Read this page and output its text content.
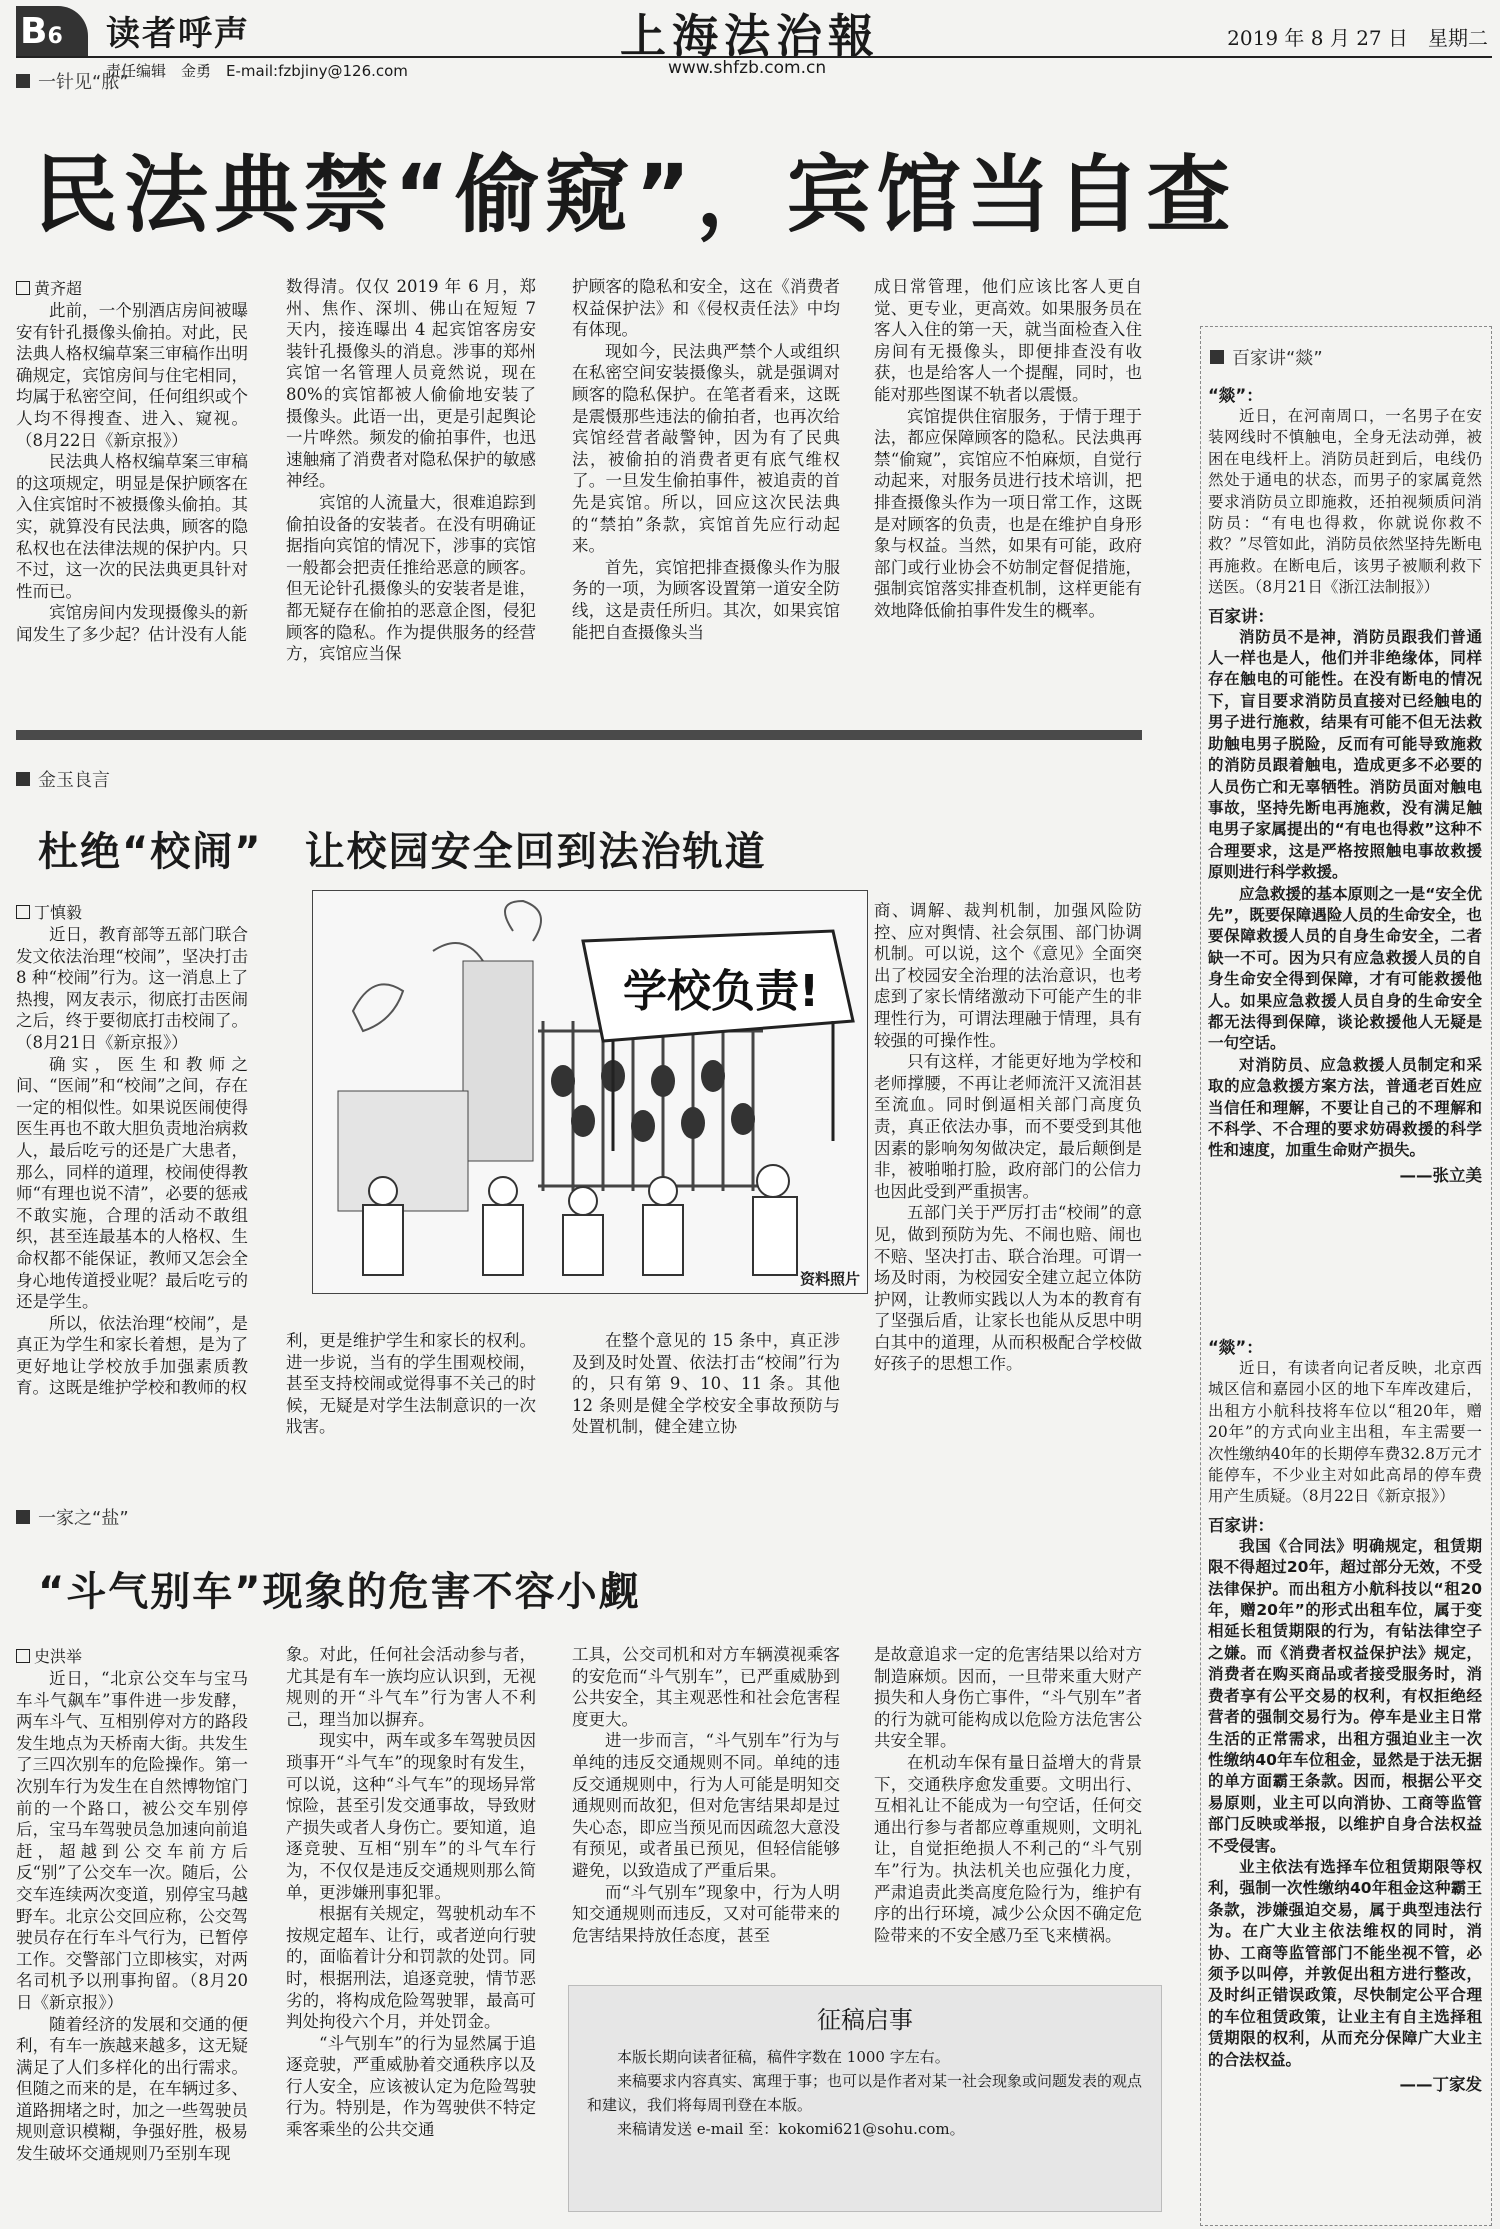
B6	读者呼声
责任编辑　金勇　E-mail:fzbjiny@126.com
上海法治報
www.shfzb.com.cn
2019 年 8 月 27 日　星期二
一针见“脓”
民法典禁“偷窥”，宾馆当自查
黄齐超

此前，一个别酒店房间被曝安有针孔摄像头偷拍。对此，民法典人格权编草案三审稿作出明确规定，宾馆房间与住宅相同，均属于私密空间，任何组织或个人均不得搜查、进入、窥视。（8月22日《新京报》）

民法典人格权编草案三审稿的这项规定，明显是保护顾客在入住宾馆时不被摄像头偷拍。其实，就算没有民法典，顾客的隐私权也在法律法规的保护内。只不过，这一次的民法典更具针对性而已。

宾馆房间内发现摄像头的新闻发生了多少起？估计没有人能

数得清。仅仅 2019 年 6 月，郑州、焦作、深圳、佛山在短短 7 天内，接连曝出 4 起宾馆客房安装针孔摄像头的消息。涉事的郑州宾馆一名管理人员竟然说，现在 80%的宾馆都被人偷偷地安装了摄像头。此语一出，更是引起舆论一片哗然。频发的偷拍事件，也迅速触痛了消费者对隐私保护的敏感神经。

宾馆的人流量大，很难追踪到偷拍设备的安装者。在没有明确证据指向宾馆的情况下，涉事的宾馆一般都会把责任推给恶意的顾客。但无论针孔摄像头的安装者是谁，都无疑存在偷拍的恶意企图，侵犯顾客的隐私。作为提供服务的经营方，宾馆应当保

护顾客的隐私和安全，这在《消费者权益保护法》和《侵权责任法》中均有体现。

现如今，民法典严禁个人或组织在私密空间安装摄像头，就是强调对顾客的隐私保护。在笔者看来，这既是震慑那些违法的偷拍者，也再次给宾馆经营者敲警钟，因为有了民典法，被偷拍的消费者更有底气维权了。一旦发生偷拍事件，被追责的首先是宾馆。所以，回应这次民法典的“禁拍”条款，宾馆首先应行动起来。

首先，宾馆把排查摄像头作为服务的一项，为顾客设置第一道安全防线，这是责任所归。其次，如果宾馆能把自查摄像头当

成日常管理，他们应该比客人更自觉、更专业，更高效。如果服务员在客人入住的第一天，就当面检查入住房间有无摄像头，即便排查没有收获，也是给客人一个提醒，同时，也能对那些图谋不轨者以震慑。

宾馆提供住宿服务，于情于理于法，都应保障顾客的隐私。民法典再禁“偷窥”，宾馆应不怕麻烦，自觉行动起来，对服务员进行技术培训，把排查摄像头作为一项日常工作，这既是对顾客的负责，也是在维护自身形象与权益。当然，如果有可能，政府部门或行业协会不妨制定督促措施，强制宾馆落实排查机制，这样更能有效地降低偷拍事件发生的概率。

金玉良言
杜绝“校闹”　让校园安全回到法治轨道
丁慎毅

近日，教育部等五部门联合发文依法治理“校闹”，坚决打击 8 种“校闹”行为。这一消息上了热搜，网友表示，彻底打击医闹之后，终于要彻底打击校闹了。（8月21日《新京报》）

确实，医生和教师之间、“医闹”和“校闹”之间，存在一定的相似性。如果说医闹使得医生再也不敢大胆负责地治病救人，最后吃亏的还是广大患者，那么，同样的道理，校闹使得教师“有理也说不清”，必要的惩戒不敢实施，合理的活动不敢组织，甚至连最基本的人格权、生命权都不能保证，教师又怎会全身心地传道授业呢？最后吃亏的还是学生。

所以，依法治理“校闹”，是真正为学生和家长着想，是为了更好地让学校放手加强素质教育。这既是维护学校和教师的权

学校负责!
资料照片

利，更是维护学生和家长的权利。进一步说，当有的学生围观校闹，甚至支持校闹或觉得事不关己的时候，无疑是对学生法制意识的一次戕害。

在整个意见的 15 条中，真正涉及到及时处置、依法打击“校闹”行为的，只有第 9、10、11 条。其他 12 条则是健全学校安全事故预防与处置机制，健全建立协

商、调解、裁判机制，加强风险防控、应对舆情、社会氛围、部门协调机制。可以说，这个《意见》全面突出了校园安全治理的法治意识，也考虑到了家长情绪激动下可能产生的非理性行为，可谓法理融于情理，具有较强的可操作性。

只有这样，才能更好地为学校和老师撑腰，不再让老师流汗又流泪甚至流血。同时倒逼相关部门高度负责，真正依法办事，而不要受到其他因素的影响匆匆做决定，最后颠倒是非，被啪啪打脸，政府部门的公信力也因此受到严重损害。

五部门关于严厉打击“校闹”的意见，做到预防为先、不闹也赔、闹也不赔、坚决打击、联合治理。可谓一场及时雨，为校园安全建立起立体防护网，让教师实践以人为本的教育有了坚强后盾，让家长也能从反思中明白其中的道理，从而积极配合学校做好孩子的思想工作。

一家之“盐”
“斗气别车”现象的危害不容小觑
史洪举

近日，“北京公交车与宝马车斗气飙车”事件进一步发酵，两车斗气、互相别停对方的路段发生地点为天桥南大街。共发生了三四次别车的危险操作。第一次别车行为发生在自然博物馆门前的一个路口，被公交车别停后，宝马车驾驶员急加速向前追赶，超越到公交车前方后反“别”了公交车一次。随后，公交车连续两次变道，别停宝马越野车。北京公交回应称，公交驾驶员存在行车斗气行为，已暂停工作。交警部门立即核实，对两名司机予以刑事拘留。（8月20日《新京报》）

随着经济的发展和交通的便利，有车一族越来越多，这无疑满足了人们多样化的出行需求。但随之而来的是，在车辆过多、道路拥堵之时，加之一些驾驶员规则意识模糊，争强好胜，极易发生破坏交通规则乃至别车现

象。对此，任何社会活动参与者，尤其是有车一族均应认识到，无视规则的开“斗气车”行为害人不利己，理当加以摒弃。

现实中，两车或多车驾驶员因琐事开“斗气车”的现象时有发生，可以说，这种“斗气车”的现场异常惊险，甚至引发交通事故，导致财产损失或者人身伤亡。要知道，追逐竞驶、互相“别车”的斗气车行为，不仅仅是违反交通规则那么简单，更涉嫌刑事犯罪。

根据有关规定，驾驶机动车不按规定超车、让行，或者逆向行驶的，面临着计分和罚款的处罚。同时，根据刑法，追逐竞驶，情节恶劣的，将构成危险驾驶罪，最高可判处拘役六个月，并处罚金。

“斗气别车”的行为显然属于追逐竞驶，严重威胁着交通秩序以及行人安全，应该被认定为危险驾驶行为。特别是，作为驾驶供不特定乘客乘坐的公共交通

工具，公交司机和对方车辆漠视乘客的安危而“斗气别车”，已严重威胁到公共安全，其主观恶性和社会危害程度更大。

进一步而言，“斗气别车”行为与单纯的违反交通规则不同。单纯的违反交通规则中，行为人可能是明知交通规则而故犯，但对危害结果却是过失心态，即应当预见而因疏忽大意没有预见，或者虽已预见，但轻信能够避免，以致造成了严重后果。

而“斗气别车”现象中，行为人明知交通规则而违反，又对可能带来的危害结果持放任态度，甚至

是故意追求一定的危害结果以给对方制造麻烦。因而，一旦带来重大财产损失和人身伤亡事件，“斗气别车”者的行为就可能构成以危险方法危害公共安全罪。

在机动车保有量日益增大的背景下，交通秩序愈发重要。文明出行、互相礼让不能成为一句空话，任何交通出行参与者都应尊重规则，文明礼让，自觉拒绝损人不利己的“斗气别车”行为。执法机关也应强化力度，严肃追责此类高度危险行为，维护有序的出行环境，减少公众因不确定危险带来的不安全感乃至飞来横祸。

征稿启事

本版长期向读者征稿，稿件字数在 1000 字左右。

来稿要求内容真实、寓理于事；也可以是作者对某一社会现象或问题发表的观点和建议，我们将每周刊登在本版。

来稿请发送 e-mail 至：kokomi621@sohu.com。

百家讲“燚”
“燚”：

近日，在河南周口，一名男子在安装网线时不慎触电，全身无法动弹，被困在电线杆上。消防员赶到后，电线仍然处于通电的状态，而男子的家属竟然要求消防员立即施救，还拍视频质问消防员：“有电也得救，你就说你救不救？”尽管如此，消防员依然坚持先断电再施救。在断电后，该男子被顺利救下送医。（8月21日《浙江法制报》）

百家讲：

消防员不是神，消防员跟我们普通人一样也是人，他们并非绝缘体，同样存在触电的可能性。在没有断电的情况下，盲目要求消防员直接对已经触电的男子进行施救，结果有可能不但无法救助触电男子脱险，反而有可能导致施救的消防员跟着触电，造成更多不必要的人员伤亡和无辜牺牲。消防员面对触电事故，坚持先断电再施救，没有满足触电男子家属提出的“有电也得救”这种不合理要求，这是严格按照触电事故救援原则进行科学救援。

应急救援的基本原则之一是“安全优先”，既要保障遇险人员的生命安全，也要保障救援人员的自身生命安全，二者缺一不可。因为只有应急救援人员的自身生命安全得到保障，才有可能救援他人。如果应急救援人员自身的生命安全都无法得到保障，谈论救援他人无疑是一句空话。

对消防员、应急救援人员制定和采取的应急救援方案方法，普通老百姓应当信任和理解，不要让自己的不理解和不科学、不合理的要求妨碍救援的科学性和速度，加重生命财产损失。

——张立美
“燚”：

近日，有读者向记者反映，北京西城区信和嘉园小区的地下车库改建后，出租方小航科技将车位以“租20年，赠20年”的方式向业主出租，车主需要一次性缴纳40年的长期停车费32.8万元才能停车，不少业主对如此高昂的停车费用产生质疑。（8月22日《新京报》）

百家讲：

我国《合同法》明确规定，租赁期限不得超过20年，超过部分无效，不受法律保护。而出租方小航科技以“租20年，赠20年”的形式出租车位，属于变相延长租赁期限的行为，有钻法律空子之嫌。而《消费者权益保护法》规定，消费者在购买商品或者接受服务时，消费者享有公平交易的权利，有权拒绝经营者的强制交易行为。停车是业主日常生活的正常需求，出租方强迫业主一次性缴纳40年车位租金，显然是于法无据的单方面霸王条款。因而，根据公平交易原则，业主可以向消协、工商等监管部门反映或举报，以维护自身合法权益不受侵害。

业主依法有选择车位租赁期限等权利，强制一次性缴纳40年租金这种霸王条款，涉嫌强迫交易，属于典型违法行为。在广大业主依法维权的同时，消协、工商等监管部门不能坐视不管，必须予以叫停，并敦促出租方进行整改，及时纠正错误政策，尽快制定公平合理的车位租赁政策，让业主有自主选择租赁期限的权利，从而充分保障广大业主的合法权益。

——丁家发
